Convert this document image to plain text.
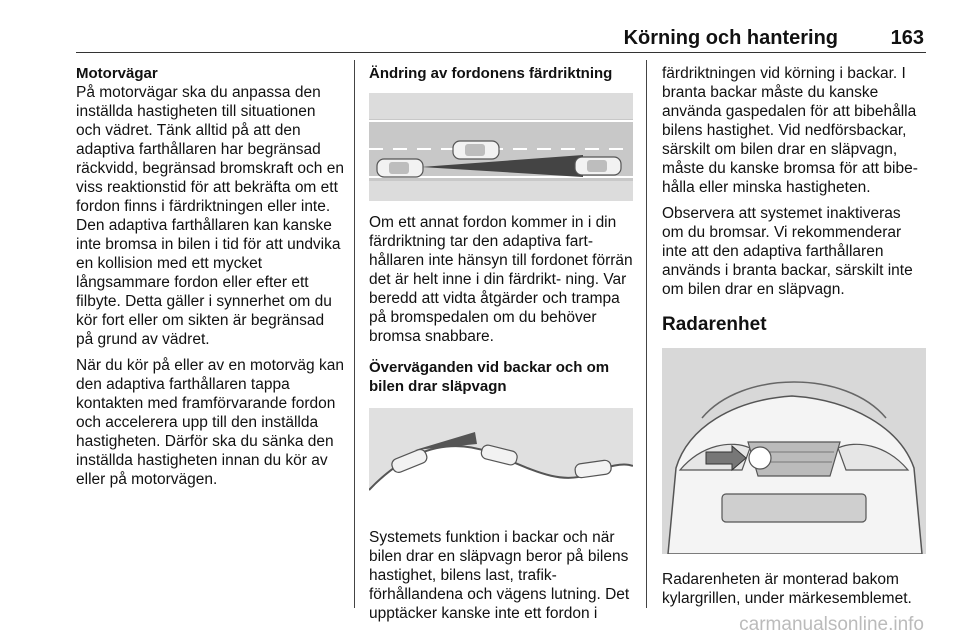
Körning och hantering	163
Motorvägar

På motorvägar ska du anpassa den inställda hastigheten till situationen och vädret. Tänk alltid på att den adaptiva farthållaren har begränsad räckvidd, begränsad bromskraft och en viss reaktionstid för att bekräfta om ett fordon finns i färdriktningen eller inte. Den adaptiva farthållaren kan kanske inte bromsa in bilen i tid för att undvika en kollision med ett mycket långsammare fordon eller efter ett filbyte. Detta gäller i synnerhet om du kör fort eller om sikten är begränsad på grund av vädret.

När du kör på eller av en motorväg kan den adaptiva farthållaren tappa kontakten med framförvarande fordon och accelerera upp till den inställda hastigheten. Därför ska du sänka den inställda hastigheten innan du kör av eller på motorvägen.

Ändring av fordonens färdriktning

Om ett annat fordon kommer in i din färdriktning tar den adaptiva fart- hållaren inte hänsyn till fordonet förrän det är helt inne i din färdrikt- ning. Var beredd att vidta åtgärder och trampa på bromspedalen om du behöver bromsa snabbare.

Överväganden vid backar och om bilen drar släpvagn

Systemets funktion i backar och när bilen drar en släpvagn beror på bilens hastighet, bilens last, trafik- förhållandena och vägens lutning. Det upptäcker kanske inte ett fordon i

färdriktningen vid körning i backar. I branta backar måste du kanske använda gaspedalen för att bibehålla bilens hastighet. Vid nedförsbackar, särskilt om bilen drar en släpvagn, måste du kanske bromsa för att bibe- hålla eller minska hastigheten.

Observera att systemet inaktiveras om du bromsar. Vi rekommenderar inte att den adaptiva farthållaren används i branta backar, särskilt inte om bilen drar en släpvagn.

Radarenhet

Radarenheten är monterad bakom kylargrillen, under märkesemblemet.

carmanualsonline.info
